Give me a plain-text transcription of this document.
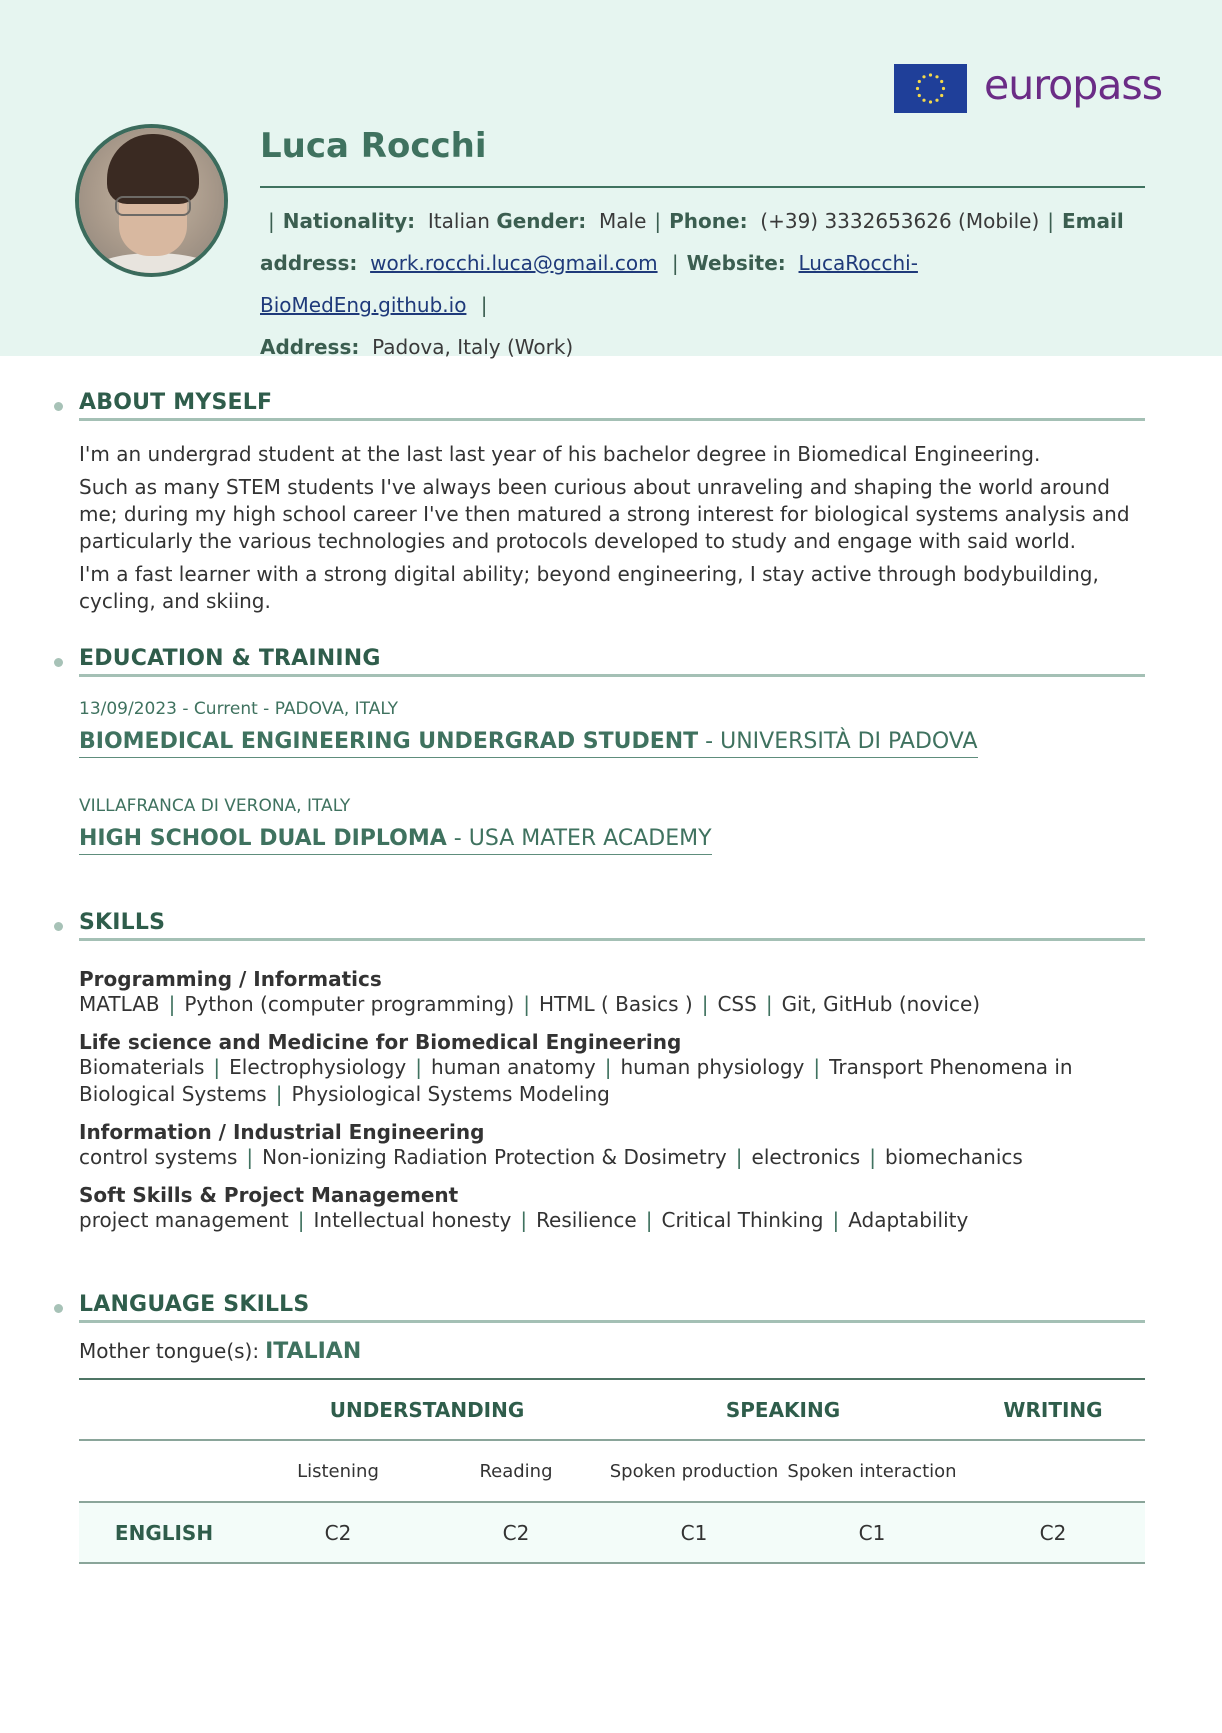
europass
Luca Rocchi
| Nationality: Italian Gender: Male | Phone: (+39) 3332653626 (Mobile) | Email address: work.rocchi.luca@gmail.com | Website: LucaRocchi-BioMedEng.github.io |
Address: Padova, Italy (Work)
ABOUT MYSELF

I'm an undergrad student at the last last year of his bachelor degree in Biomedical Engineering.

Such as many STEM students I've always been curious about unraveling and shaping the world around me; during my high school career I've then matured a strong interest for biological systems analysis and particularly the various technologies and protocols developed to study and engage with said world.

I'm a fast learner with a strong digital ability; beyond engineering, I stay active through bodybuilding, cycling, and skiing.

EDUCATION & TRAINING
13/09/2023 - Current - PADOVA, ITALY
BIOMEDICAL ENGINEERING UNDERGRAD STUDENT - UNIVERSITÀ DI PADOVA
VILLAFRANCA DI VERONA, ITALY
HIGH SCHOOL DUAL DIPLOMA - USA MATER ACADEMY
SKILLS
Programming / Informatics
MATLAB | Python (computer programming) | HTML ( Basics ) | CSS | Git, GitHub (novice)
Life science and Medicine for Biomedical Engineering
Biomaterials | Electrophysiology | human anatomy | human physiology | Transport Phenomena in Biological Systems | Physiological Systems Modeling
Information / Industrial Engineering
control systems | Non-ionizing Radiation Protection & Dosimetry | electronics | biomechanics
Soft Skills & Project Management
project management | Intellectual honesty | Resilience | Critical Thinking | Adaptability
LANGUAGE SKILLS
Mother tongue(s): ITALIAN
	UNDERSTANDING		SPEAKING		WRITING
	Listening	Reading	Spoken production	Spoken interaction	
ENGLISH	C2	C2	C1	C1	C2
